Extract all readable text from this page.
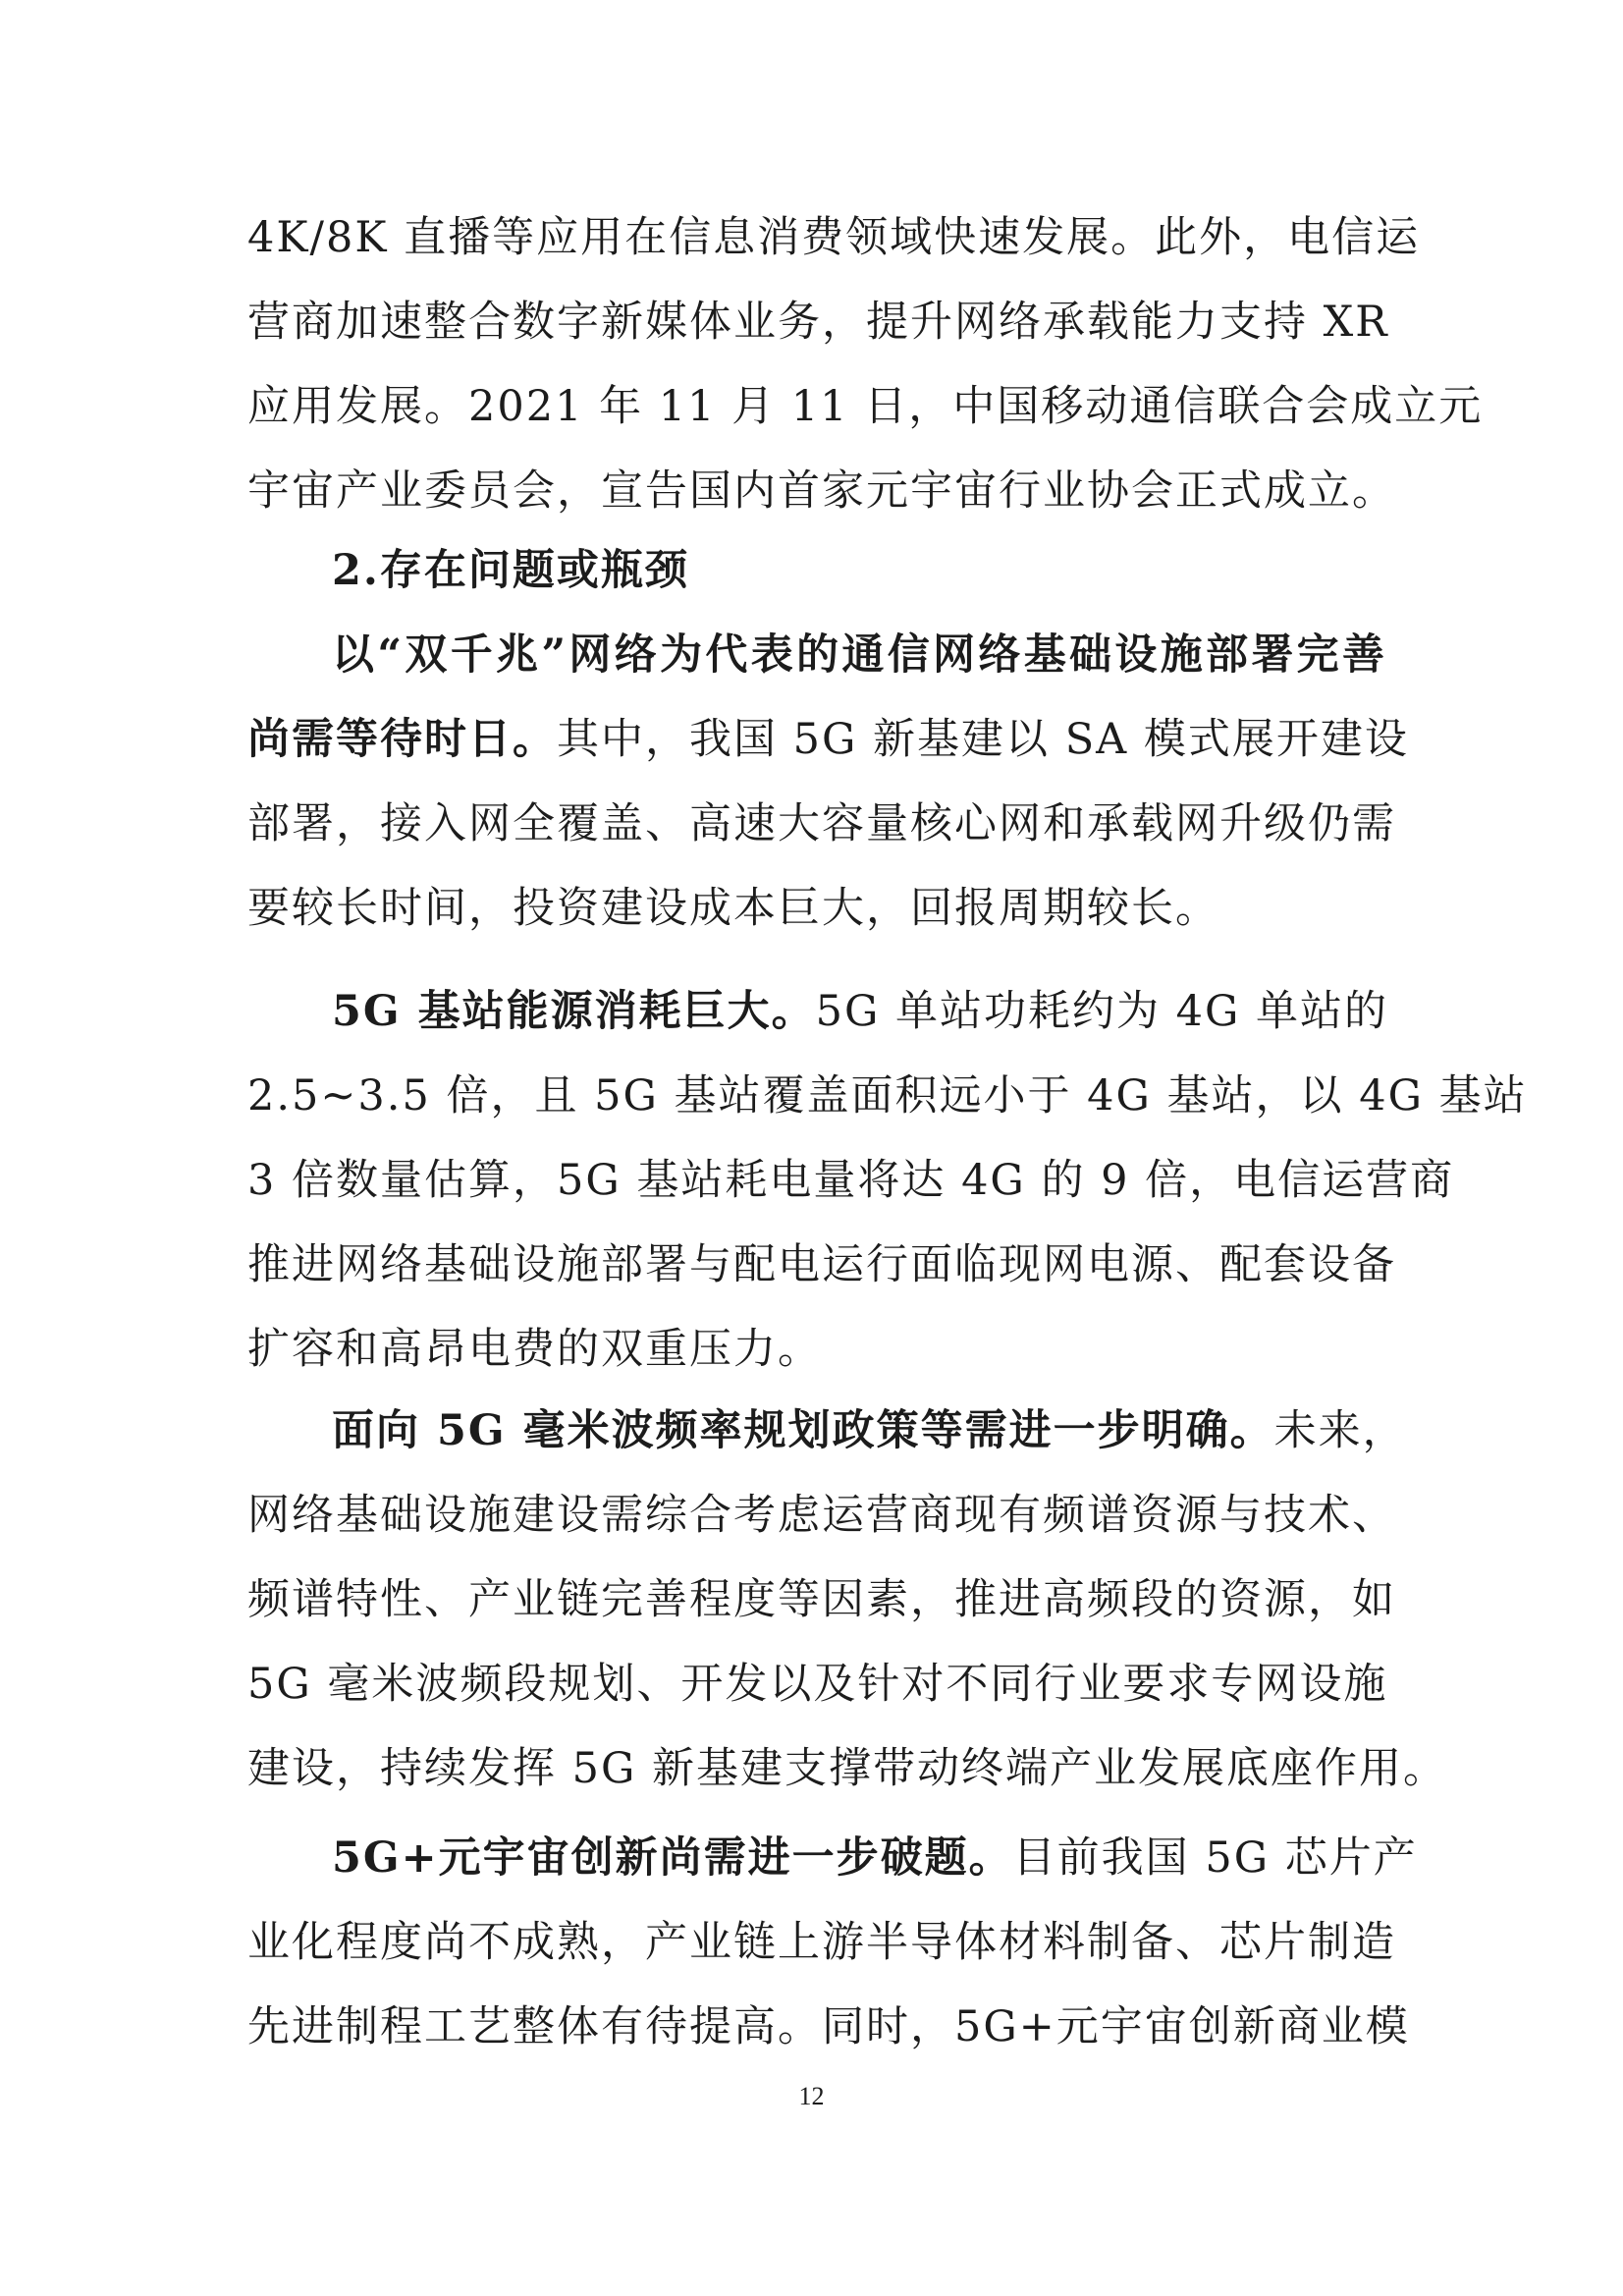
4K/8K 直播等应用在信息消费领域快速发展。此外，电信运
营商加速整合数字新媒体业务，提升网络承载能力支持 XR
应用发展。2021 年 11 月 11 日，中国移动通信联合会成立元
宇宙产业委员会，宣告国内首家元宇宙行业协会正式成立。
2.存在问题或瓶颈
以“双千兆”网络为代表的通信网络基础设施部署完善
尚需等待时日。其中，我国 5G 新基建以 SA 模式展开建设
部署，接入网全覆盖、高速大容量核心网和承载网升级仍需
要较长时间，投资建设成本巨大，回报周期较长。
5G 基站能源消耗巨大。5G 单站功耗约为 4G 单站的
2.5~3.5 倍，且 5G 基站覆盖面积远小于 4G 基站，以 4G 基站
3 倍数量估算，5G 基站耗电量将达 4G 的 9 倍，电信运营商
推进网络基础设施部署与配电运行面临现网电源、配套设备
扩容和高昂电费的双重压力。
面向 5G 毫米波频率规划政策等需进一步明确。未来，
网络基础设施建设需综合考虑运营商现有频谱资源与技术、
频谱特性、产业链完善程度等因素，推进高频段的资源，如
5G 毫米波频段规划、开发以及针对不同行业要求专网设施
建设，持续发挥 5G 新基建支撑带动终端产业发展底座作用。
5G+元宇宙创新尚需进一步破题。目前我国 5G 芯片产
业化程度尚不成熟，产业链上游半导体材料制备、芯片制造
先进制程工艺整体有待提高。同时，5G+元宇宙创新商业模
12
